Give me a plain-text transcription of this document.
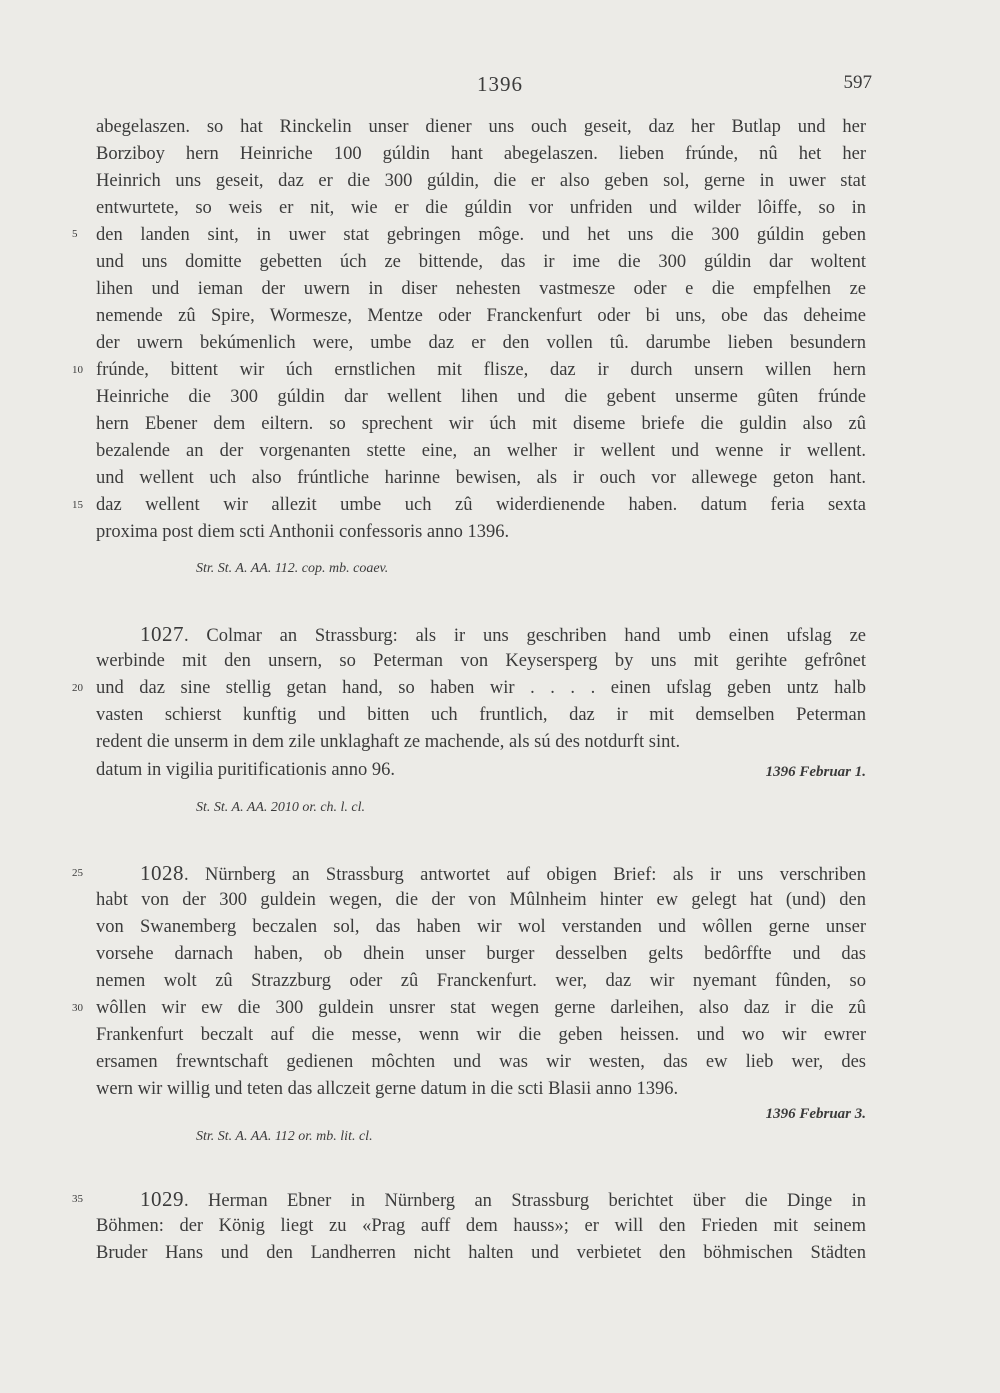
1396	597
5
10
15
20
25
30
35
abegelaszen. so hat Rinckelin unser diener uns ouch geseit, daz her Butlap und her
Borziboy hern Heinriche 100 gúldin hant abegelaszen. lieben frúnde, nû het her
Heinrich uns geseit, daz er die 300 gúldin, die er also geben sol, gerne in uwer stat
entwurtete, so weis er nit, wie er die gúldin vor unfriden und wilder lôiffe, so in
den landen sint, in uwer stat gebringen môge. und het uns die 300 gúldin geben
und uns domitte gebetten úch ze bittende, das ir ime die 300 gúldin dar woltent
lihen und ieman der uwern in diser nehesten vastmesze oder e die empfelhen ze
nemende zû Spire, Wormesze, Mentze oder Franckenfurt oder bi uns, obe das deheime
der uwern bekúmenlich were, umbe daz er den vollen tû. darumbe lieben besundern
frúnde, bittent wir úch ernstlichen mit flisze, daz ir durch unsern willen hern
Heinriche die 300 gúldin dar wellent lihen und die gebent unserme gûten frúnde
hern Ebener dem eiltern. so sprechent wir úch mit diseme briefe die guldin also zû
bezalende an der vorgenanten stette eine, an welher ir wellent und wenne ir wellent.
und wellent uch also frúntliche harinne bewisen, als ir ouch vor allewege geton hant.
daz wellent wir allezit umbe uch zû widerdienende haben. datum feria sexta
proxima post diem scti Anthonii confessoris anno 1396.
Str. St. A. AA. 112. cop. mb. coaev.
1027. Colmar an Strassburg: als ir uns geschriben hand umb einen ufslag ze
werbinde mit den unsern, so Peterman von Keysersperg by uns mit gerihte gefrônet
und daz sine stellig getan hand, so haben wir . . . . einen ufslag geben untz halb
vasten schierst kunftig und bitten uch fruntlich, daz ir mit demselben Peterman
redent die unserm in dem zile unklaghaft ze machende, als sú des notdurft sint.
datum in vigilia puritificationis anno 96.	1396 Februar 1.
St. St. A. AA. 2010 or. ch. l. cl.
1028. Nürnberg an Strassburg antwortet auf obigen Brief: als ir uns verschriben
habt von der 300 guldein wegen, die der von Mûlnheim hinter ew gelegt hat (und) den
von Swanemberg beczalen sol, das haben wir wol verstanden und wôllen gerne unser
vorsehe darnach haben, ob dhein unser burger desselben gelts bedôrffte und das
nemen wolt zû Strazzburg oder zû Franckenfurt. wer, daz wir nyemant fûnden, so
wôllen wir ew die 300 guldein unsrer stat wegen gerne darleihen, also daz ir die zû
Frankenfurt beczalt auf die messe, wenn wir die geben heissen. und wo wir ewrer
ersamen frewntschaft gedienen môchten und was wir westen, das ew lieb wer, des
wern wir willig und teten das allczeit gerne datum in die scti Blasii anno 1396.
1396 Februar 3.
Str. St. A. AA. 112 or. mb. lit. cl.
1029. Herman Ebner in Nürnberg an Strassburg berichtet über die Dinge in
Böhmen: der König liegt zu «Prag auff dem hauss»; er will den Frieden mit seinem
Bruder Hans und den Landherren nicht halten und verbietet den böhmischen Städten
